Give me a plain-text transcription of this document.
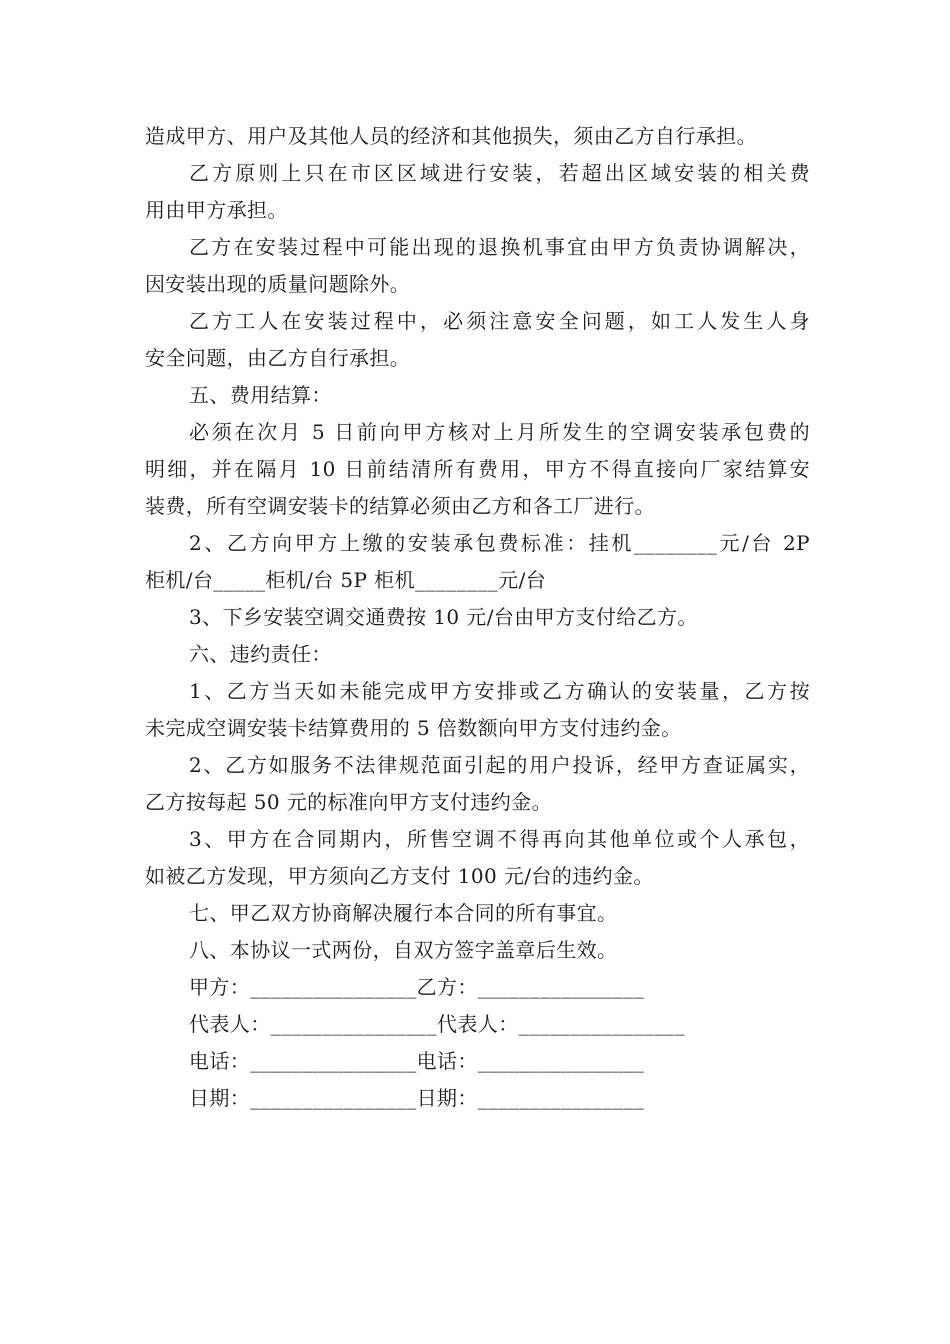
造成甲方、用户及其他人员的经济和其他损失，须由乙方自行承担。
乙方原则上只在市区区域进行安装，若超出区域安装的相关费
用由甲方承担。
乙方在安装过程中可能出现的退换机事宜由甲方负责协调解决，
因安装出现的质量问题除外。
乙方工人在安装过程中，必须注意安全问题，如工人发生人身
安全问题，由乙方自行承担。
五、费用结算：
必须在次月 5 日前向甲方核对上月所发生的空调安装承包费的
明细，并在隔月 10 日前结清所有费用，甲方不得直接向厂家结算安
装费，所有空调安装卡的结算必须由乙方和各工厂进行。
2、乙方向甲方上缴的安装承包费标准：挂机________元/台 2P
柜机/台_____柜机/台 5P 柜机________元/台
3、下乡安装空调交通费按 10 元/台由甲方支付给乙方。
六、违约责任：
1、乙方当天如未能完成甲方安排或乙方确认的安装量，乙方按
未完成空调安装卡结算费用的 5 倍数额向甲方支付违约金。
2、乙方如服务不法律规范面引起的用户投诉，经甲方查证属实，
乙方按每起 50 元的标准向甲方支付违约金。
3、甲方在合同期内，所售空调不得再向其他单位或个人承包，
如被乙方发现，甲方须向乙方支付 100 元/台的违约金。
七、甲乙双方协商解决履行本合同的所有事宜。
八、本协议一式两份，自双方签字盖章后生效。
甲方：________________乙方：________________
代表人：________________代表人：________________
电话：________________电话：________________
日期：________________日期：________________
